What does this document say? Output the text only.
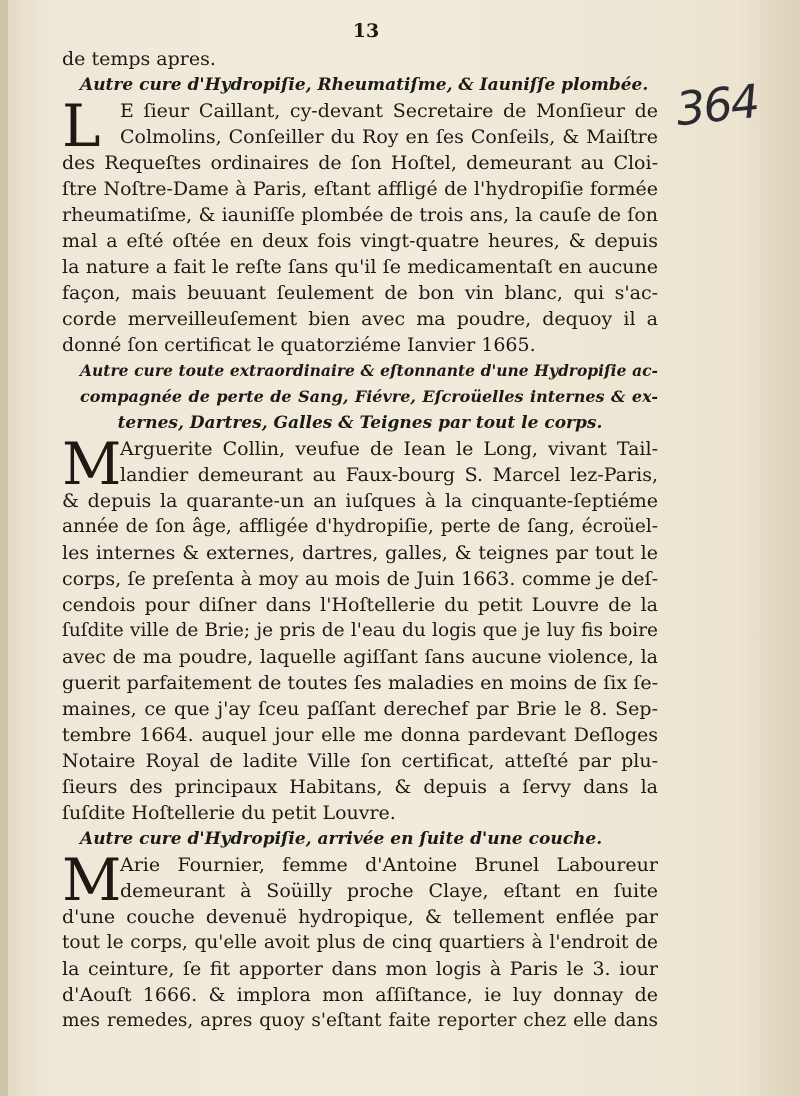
13
364
de temps apres.
Autre cure d'Hydropiſie, Rheumatiſme, & Iauniſſe plombée.
L	E ſieur Caillant, cy-devant Secretaire de Monſieur de
Colmolins, Conſeiller du Roy en ſes Conſeils, & Maiſtre
des Requeſtes ordinaires de ſon Hoſtel, demeurant au Cloi-
ſtre Noſtre-Dame à Paris, eſtant affligé de l'hydropiſie formée
rheumatiſme, & iauniſſe plombée de trois ans, la cauſe de ſon
mal a eſté oſtée en deux fois vingt-quatre heures, & depuis
la nature a fait le reſte ſans qu'il ſe medicamentaſt en aucune
façon, mais beuuant ſeulement de bon vin blanc, qui s'ac-
corde merveilleuſement bien avec ma poudre, dequoy il a
donné ſon certificat le quatorziéme Ianvier 1665.
Autre cure toute extraordinaire & eſtonnante d'une Hydropiſie ac-
compagnée de perte de Sang, Fiévre, Eſcroüelles internes & ex-
ternes, Dartres, Galles & Teignes par tout le corps.
M
Arguerite Collin, veufue de Iean le Long, vivant Tail-
landier demeurant au Faux-bourg S. Marcel lez-Paris,
& depuis la quarante-un an iuſques à la cinquante-ſeptiéme
année de ſon âge, affligée d'hydropiſie, perte de ſang, écroüel-
les internes & externes, dartres, galles, & teignes par tout le
corps, ſe preſenta à moy au mois de Juin 1663. comme je deſ-
cendois pour diſner dans l'Hoſtellerie du petit Louvre de la
ſuſdite ville de Brie; je pris de l'eau du logis que je luy fis boire
avec de ma poudre, laquelle agiſſant ſans aucune violence, la
guerit parfaitement de toutes ſes maladies en moins de ſix ſe-
maines, ce que j'ay ſceu paſſant derechef par Brie le 8. Sep-
tembre 1664. auquel jour elle me donna pardevant Deſloges
Notaire Royal de ladite Ville ſon certificat, atteſté par plu-
ſieurs des principaux Habitans, & depuis a ſervy dans la
ſuſdite Hoſtellerie du petit Louvre.
Autre cure d'Hydropiſie, arrivée en ſuite d'une couche.
M
Arie Fournier, femme d'Antoine Brunel Laboureur
demeurant à Soüilly proche Claye, eſtant en ſuite
d'une couche devenuë hydropique, & tellement enflée par
tout le corps, qu'elle avoit plus de cinq quartiers à l'endroit de
la ceinture, ſe fit apporter dans mon logis à Paris le 3. iour
d'Aouſt 1666. & implora mon aſſiſtance, ie luy donnay de
mes remedes, apres quoy s'eſtant faite reporter chez elle dans
